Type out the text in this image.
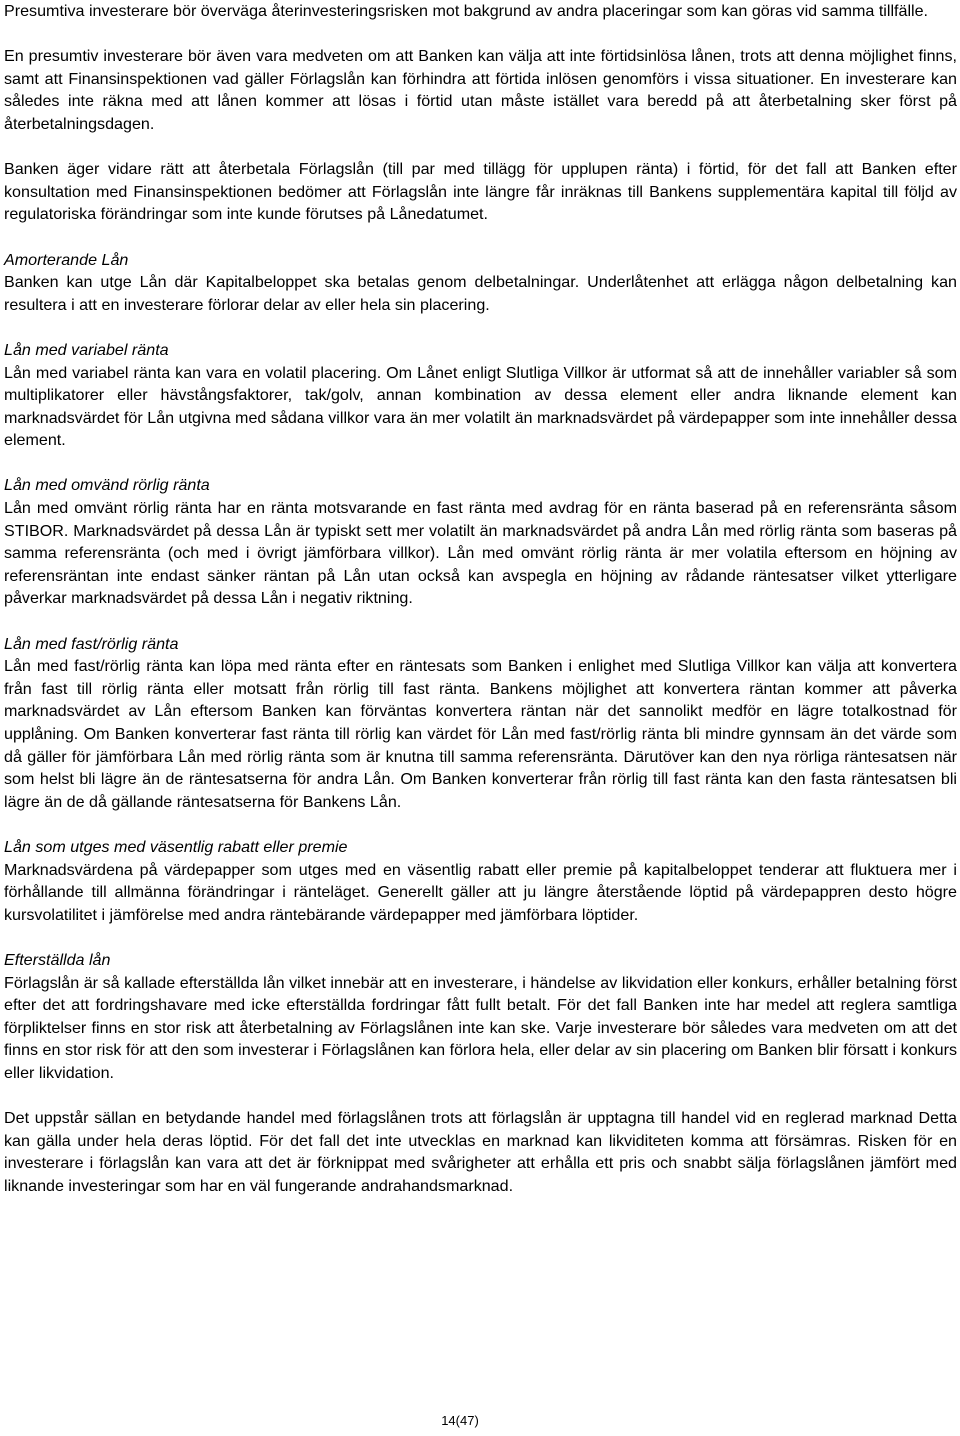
Presumtiva investerare bör överväga återinvesteringsrisken mot bakgrund av andra placeringar som kan göras vid samma tillfälle.

En presumtiv investerare bör även vara medveten om att Banken kan välja att inte förtidsinlösa lånen, trots att denna möjlighet finns, samt att Finansinspektionen vad gäller Förlagslån kan förhindra att förtida inlösen genomförs i vissa situationer. En investerare kan således inte räkna med att lånen kommer att lösas i förtid utan måste istället vara beredd på att återbetalning sker först på återbetalningsdagen.

Banken äger vidare rätt att återbetala Förlagslån (till par med tillägg för upplupen ränta) i förtid, för det fall att Banken efter konsultation med Finansinspektionen bedömer att Förlagslån inte längre får inräknas till Bankens supplementära kapital till följd av regulatoriska förändringar som inte kunde förutses på Lånedatumet.

Amorterande Lån

Banken kan utge Lån där Kapitalbeloppet ska betalas genom delbetalningar. Underlåtenhet att erlägga någon delbetalning kan resultera i att en investerare förlorar delar av eller hela sin placering.

Lån med variabel ränta

Lån med variabel ränta kan vara en volatil placering. Om Lånet enligt Slutliga Villkor är utformat så att de innehåller variabler så som multiplikatorer eller hävstångsfaktorer, tak/golv, annan kombination av dessa element eller andra liknande element kan marknadsvärdet för Lån utgivna med sådana villkor vara än mer volatilt än marknadsvärdet på värdepapper som inte innehåller dessa element.

Lån med omvänd rörlig ränta

Lån med omvänt rörlig ränta har en ränta motsvarande en fast ränta med avdrag för en ränta baserad på en referensränta såsom STIBOR. Marknadsvärdet på dessa Lån är typiskt sett mer volatilt än marknadsvärdet på andra Lån med rörlig ränta som baseras på samma referensränta (och med i övrigt jämförbara villkor). Lån med omvänt rörlig ränta är mer volatila eftersom en höjning av referensräntan inte endast sänker räntan på Lån utan också kan avspegla en höjning av rådande räntesatser vilket ytterligare påverkar marknadsvärdet på dessa Lån i negativ riktning.

Lån med fast/rörlig ränta

Lån med fast/rörlig ränta kan löpa med ränta efter en räntesats som Banken i enlighet med Slutliga Villkor kan välja att konvertera från fast till rörlig ränta eller motsatt från rörlig till fast ränta. Bankens möjlighet att konvertera räntan kommer att påverka marknadsvärdet av Lån eftersom Banken kan förväntas konvertera räntan när det sannolikt medför en lägre totalkostnad för upplåning. Om Banken konverterar fast ränta till rörlig kan värdet för Lån med fast/rörlig ränta bli mindre gynnsam än det värde som då gäller för jämförbara Lån med rörlig ränta som är knutna till samma referensränta. Därutöver kan den nya rörliga räntesatsen när som helst bli lägre än de räntesatserna för andra Lån. Om Banken konverterar från rörlig till fast ränta kan den fasta räntesatsen bli lägre än de då gällande räntesatserna för Bankens Lån.

Lån som utges med väsentlig rabatt eller premie

Marknadsvärdena på värdepapper som utges med en väsentlig rabatt eller premie på kapitalbeloppet tenderar att fluktuera mer i förhållande till allmänna förändringar i ränteläget. Generellt gäller att ju längre återstående löptid på värdepappren desto högre kursvolatilitet i jämförelse med andra räntebärande värdepapper med jämförbara löptider.

Efterställda lån

Förlagslån är så kallade efterställda lån vilket innebär att en investerare, i händelse av likvidation eller konkurs, erhåller betalning först efter det att fordringshavare med icke efterställda fordringar fått fullt betalt. För det fall Banken inte har medel att reglera samtliga förpliktelser finns en stor risk att återbetalning av Förlagslånen inte kan ske. Varje investerare bör således vara medveten om att det finns en stor risk för att den som investerar i Förlagslånen kan förlora hela, eller delar av sin placering om Banken blir försatt i konkurs eller likvidation.

Det uppstår sällan en betydande handel med förlagslånen trots att förlagslån är upptagna till handel vid en reglerad marknad Detta kan gälla under hela deras löptid. För det fall det inte utvecklas en marknad kan likviditeten komma att försämras. Risken för en investerare i förlagslån kan vara att det är förknippat med svårigheter att erhålla ett pris och snabbt sälja förlagslånen jämfört med liknande investeringar som har en väl fungerande andrahandsmarknad.

14(47)
